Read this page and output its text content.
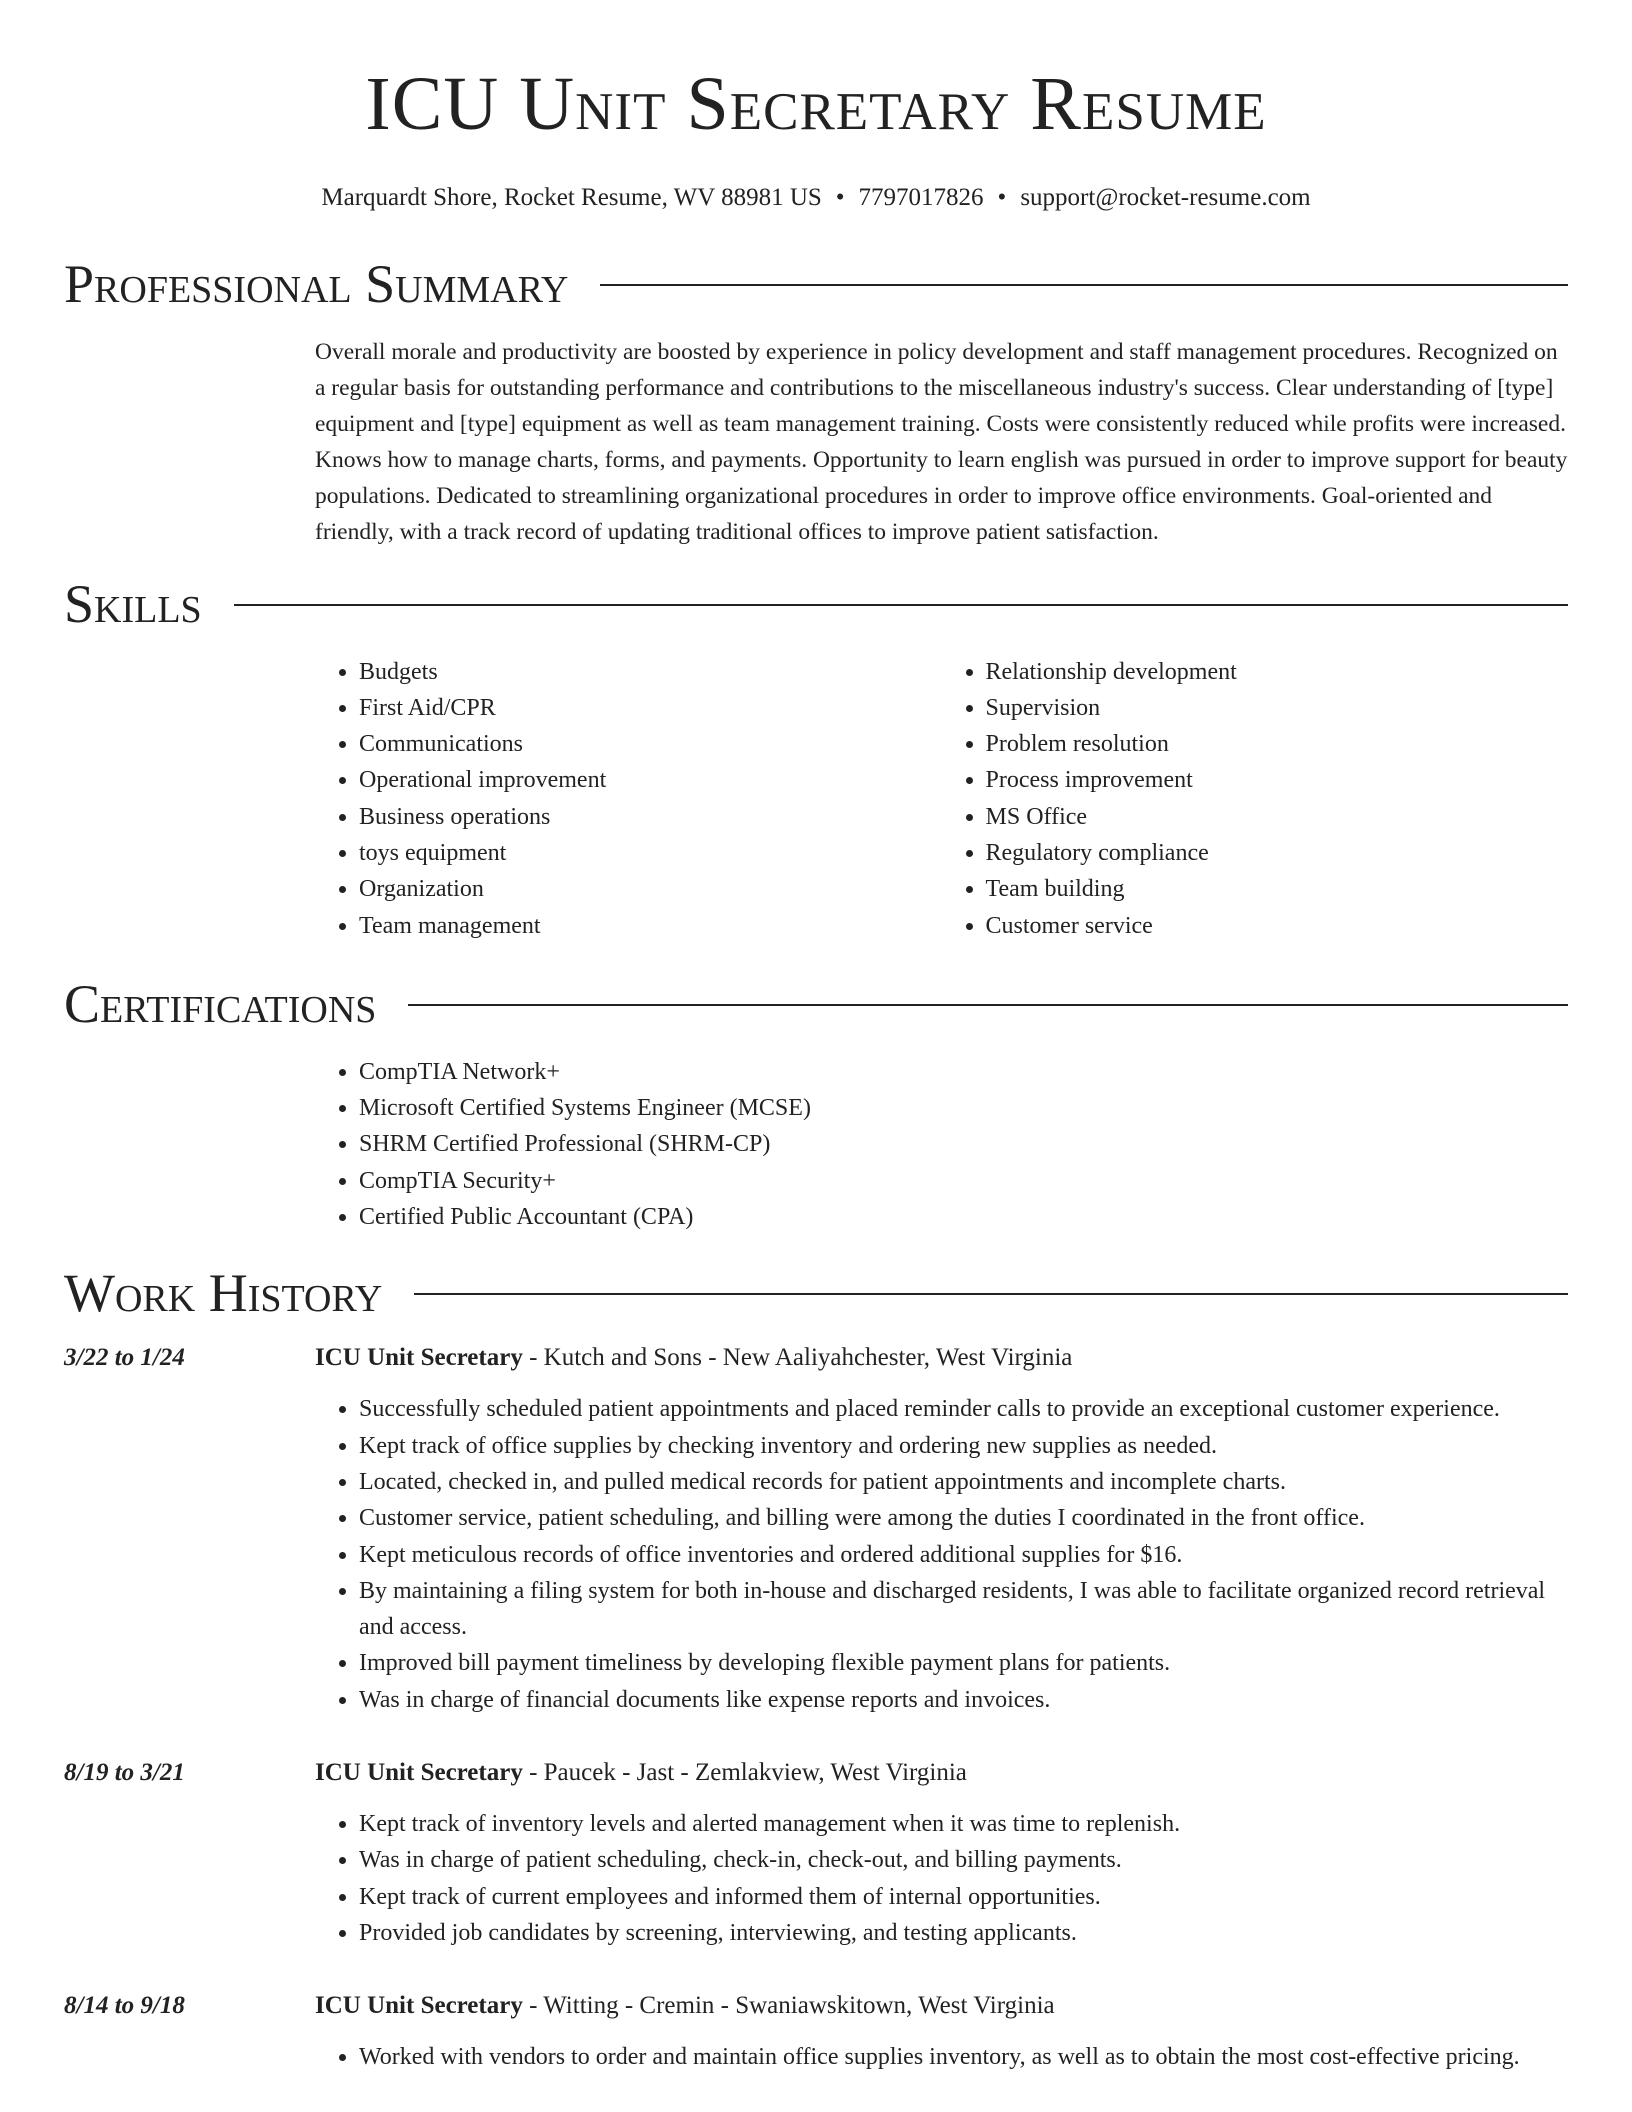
ICU Unit Secretary Resume
Marquardt Shore, Rocket Resume, WV 88981 US • 7797017826 • support@rocket-resume.com
Professional Summary

Overall morale and productivity are boosted by experience in policy development and staff management procedures. Recognized on a regular basis for outstanding performance and contributions to the miscellaneous industry's success. Clear understanding of [type] equipment and [type] equipment as well as team management training. Costs were consistently reduced while profits were increased. Knows how to manage charts, forms, and payments. Opportunity to learn english was pursued in order to improve support for beauty populations. Dedicated to streamlining organizational procedures in order to improve office environments. Goal-oriented and friendly, with a track record of updating traditional offices to improve patient satisfaction.

Skills
• Budgets
• First Aid/CPR
• Communications
• Operational improvement
• Business operations
• toys equipment
• Organization
• Team management
• Relationship development
• Supervision
• Problem resolution
• Process improvement
• MS Office
• Regulatory compliance
• Team building
• Customer service
Certifications
• CompTIA Network+
• Microsoft Certified Systems Engineer (MCSE)
• SHRM Certified Professional (SHRM-CP)
• CompTIA Security+
• Certified Public Accountant (CPA)
Work History
3/22 to 1/24	ICU Unit Secretary - Kutch and Sons - New Aaliyahchester, West Virginia
• Successfully scheduled patient appointments and placed reminder calls to provide an exceptional customer experience.
• Kept track of office supplies by checking inventory and ordering new supplies as needed.
• Located, checked in, and pulled medical records for patient appointments and incomplete charts.
• Customer service, patient scheduling, and billing were among the duties I coordinated in the front office.
• Kept meticulous records of office inventories and ordered additional supplies for $16.
• By maintaining a filing system for both in-house and discharged residents, I was able to facilitate organized record retrieval and access.
• Improved bill payment timeliness by developing flexible payment plans for patients.
• Was in charge of financial documents like expense reports and invoices.
8/19 to 3/21	ICU Unit Secretary - Paucek - Jast - Zemlakview, West Virginia
• Kept track of inventory levels and alerted management when it was time to replenish.
• Was in charge of patient scheduling, check-in, check-out, and billing payments.
• Kept track of current employees and informed them of internal opportunities.
• Provided job candidates by screening, interviewing, and testing applicants.
8/14 to 9/18	ICU Unit Secretary - Witting - Cremin - Swaniawskitown, West Virginia
• Worked with vendors to order and maintain office supplies inventory, as well as to obtain the most cost-effective pricing.
